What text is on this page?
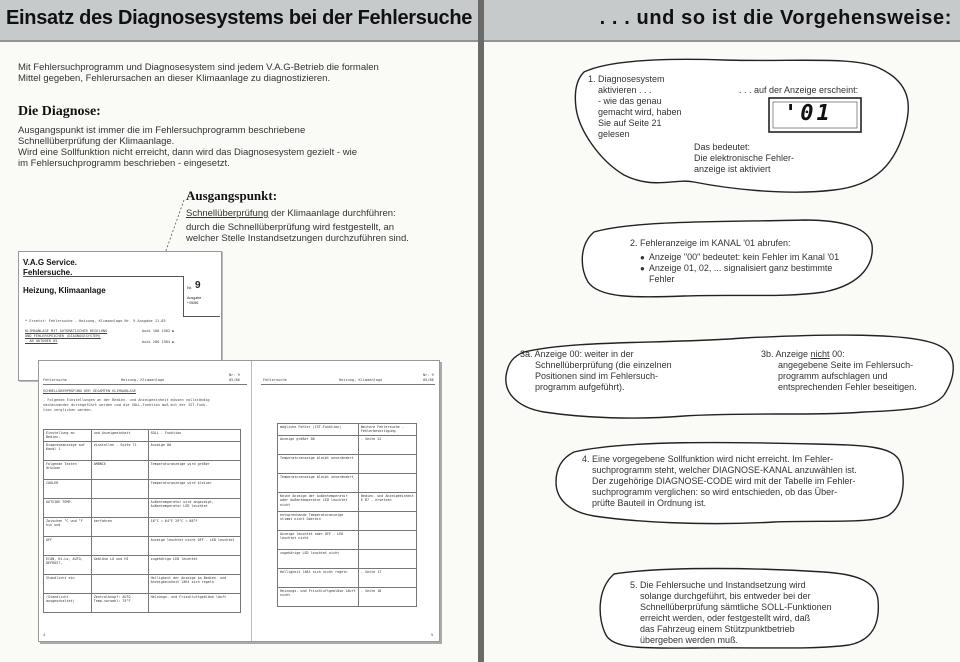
Einsatz des Diagnosesystems bei der Fehlersuche

Mit Fehlersuchprogramm und Diagnosesystem sind jedem V.A.G-Betrieb die formalen

Mittel gegeben, Fehlerursachen an dieser Klimaanlage zu diagnostizieren.

Die Diagnose:

Ausgangspunkt ist immer die im Fehlersuchprogramm beschriebene

Schnellüberprüfung der Klimaanlage.

Wird eine Sollfunktion nicht erreicht, dann wird das Diagnosesystem gezielt - wie

im Fehlersuchprogramm beschrieben - eingesetzt.

Ausgangspunkt:

Schnellüberprüfung der Klimaanlage durchführen:

durch die Schnellüberprüfung wird festgestellt, an

welcher Stelle Instandsetzungen durchzuführen sind.

V.A.G Service.
Fehlersuche.
Heizung, Klimaanlage	Nr. 9
Ausgabe
* 05/86
* Ersetzt: Fehlersuche - Heizung, Klimaanlage Nr. 9 Ausgabe 11.85
KLIMAANLAGE MIT AUTOMATISCHER REGELUNG	Audi 100 1982 ▶
UND FEHLERSPEICHER (DIAGNOSESYSTEM)
- AB OKTOBER 85	Audi 200 1984 ▶
Fehlersuche	Heizung, Klimaanlage
Nr. 9
05/86	Fehlersuche	Heizung, Klimaanlage
Nr. 9
05/86
SCHNELLÜBERPRÜFUNG DER GESAMTEN KLIMAANLAGE
- Folgende Einstellungen an der Bedien- und Anzeigeeinheit müssen vollständig
nacheinander durchgeführt werden und die SOLL-Funktion muß mit der IST-Funk-
tion verglichen werden.
Einstellung an Bedien-	und Anzeigeeinheit	SOLL - Funktion
Diagnoseanzeige auf Kanal 1	einstellen - Seite 71	Anzeige 00
Folgende Tasten drücken	AMBNCE	Temperaturanzeige wird größer
COOLER		Temperaturanzeige wird kleiner
OUTSIDE TEMP.		Außentemperatur wird angezeigt, Außentemperatur LED leuchtet
Zwischen °C und °F hin und	herfahren	18°C = 64°F 29°C = 88°F
OFF		Anzeige leuchtet nicht OFF - LED leuchtet
ECON, Hi-Lo, AUTO, DEFROST,	Gebläse LO und HI	zugehörige LED leuchtet
Standlicht ein		Helligkeit der Anzeige im Bedien- und Anzeigeeinheit läßt sich regeln
(Standlicht ausgeschaltet)	Zentralknopf: AUTO Temp.vorwahl: 75°F	Helzungs- und Frischluftgebläse läuft
mögliche Fehler (IST-Funktion)	Weitere Fehlersuche - Fehlerbeseitigung
Anzeige größer 00	- Seite 12
Temperaturanzeige bleibt unverändert	
Temperaturanzeige bleibt unverändert	
Keine Anzeige der Außentemperatur oder Außentemperatur LED leuchtet nicht	Bedien- und Anzeigeeinheit E 87 - ersetzen
entsprechende Temperaturanzeige stimmt nicht überein	
Anzeige leuchtet oder OFF - LED leuchtet nicht	
zugehörige LED leuchtet nicht	
Helligkeit läßt sich nicht regeln	- Seite 17
Heizungs- und Frischluftgebläse läuft nicht	- Seite 18
4	5
. . . und so ist die Vorgehensweise:

1. Diagnosesystem

aktivieren . . .

- wie das genau

gemacht wird, haben

Sie auf Seite 21

gelesen

. . . auf der Anzeige erscheint:

'01

Das bedeutet:

Die elektronische Fehler-

anzeige ist aktiviert

2. Fehleranzeige im KANAL '01 abrufen:

● Anzeige "00" bedeutet: kein Fehler im Kanal '01
● Anzeige 01, 02, ... signalisiert ganz bestimmte

Fehler

3a. Anzeige 00: weiter in der

Schnellüberprüfung (die einzelnen

Positionen sind im Fehlersuch-

programm aufgeführt).

3b. Anzeige nicht 00:

angegebene Seite im Fehlersuch-

programm aufschlagen und

entsprechenden Fehler beseitigen.

4. Eine vorgegebene Sollfunktion wird nicht erreicht. Im Fehler-

suchprogramm steht, welcher DIAGNOSE-KANAL anzuwählen ist.

Der zugehörige DIAGNOSE-CODE wird mit der Tabelle im Fehler-

suchprogramm verglichen: so wird entschieden, ob das Über-

prüfte Bauteil in Ordnung ist.

5. Die Fehlersuche und Instandsetzung wird

solange durchgeführt, bis entweder bei der

Schnellüberprüfung sämtliche SOLL-Funktionen

erreicht werden, oder festgestellt wird, daß

das Fahrzeug einem Stützpunktbetrieb

übergeben werden muß.
